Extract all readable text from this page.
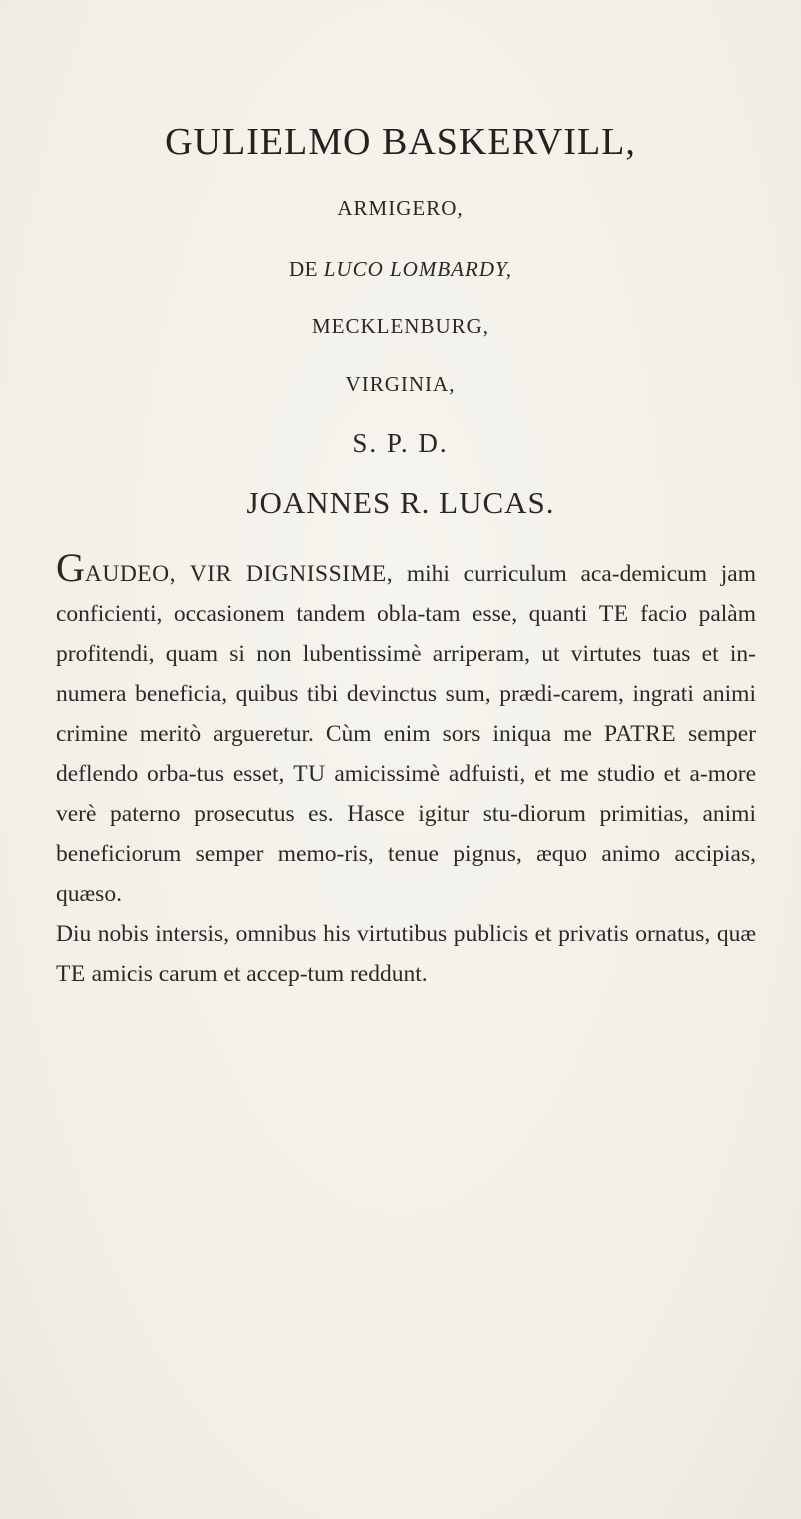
GULIELMO BASKERVILL,
ARMIGERO,
DE LUCO LOMBARDY,
MECKLENBURG,
VIRGINIA,
S. P. D.
JOANNES R. LUCAS.

GAUDEO, VIR DIGNISSIME, mihi curriculum aca-demicum jam conficienti, occasionem tandem obla-tam esse, quanti TE facio palàm profitendi, quam si non lubentissimè arriperam, ut virtutes tuas et in-numera beneficia, quibus tibi devinctus sum, prædi-carem, ingrati animi crimine meritò argueretur. Cùm enim sors iniqua me PATRE semper deflendo orba-tus esset, TU amicissimè adfuisti, et me studio et a-more verè paterno prosecutus es. Hasce igitur stu-diorum primitias, animi beneficiorum semper memo-ris, tenue pignus, æquo animo accipias, quæso.

Diu nobis intersis, omnibus his virtutibus publicis et privatis ornatus, quæ TE amicis carum et accep-tum reddunt.
